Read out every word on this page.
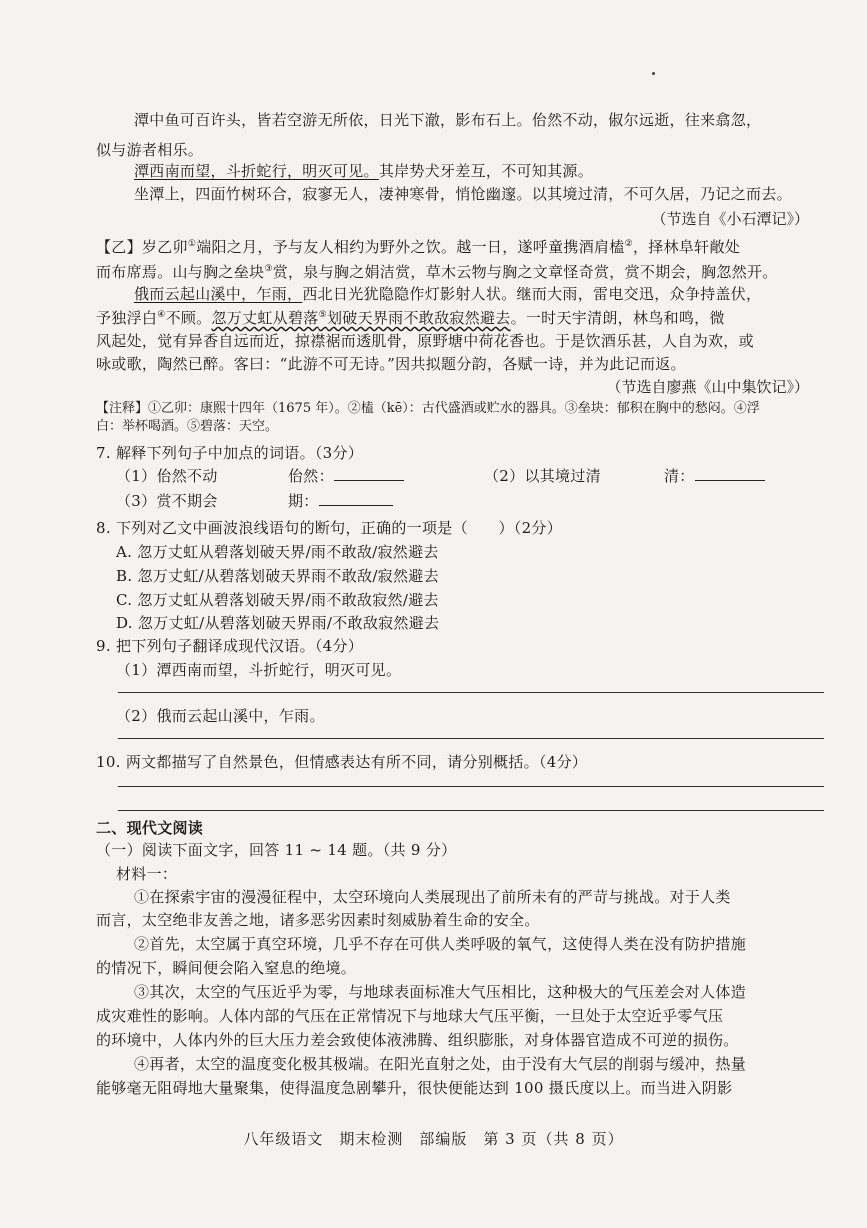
潭中鱼可百许头，皆若空游无所依，日光下澈，影布石上。佁然不动，俶尔远逝，往来翕忽，
似与游者相乐。
潭西南而望，斗折蛇行，明灭可见。其岸势犬牙差互，不可知其源。
坐潭上，四面竹树环合，寂寥无人，凄神寒骨，悄怆幽邃。以其境过清，不可久居，乃记之而去。
（节选自《小石潭记》）
【乙】岁乙卯①端阳之月，予与友人相约为野外之饮。越一日，遂呼童携酒肩榼②，择林阜轩敞处
而布席焉。山与胸之垒块③赏，泉与胸之娟洁赏，草木云物与胸之文章怪奇赏，赏不期会，胸忽然开。
俄而云起山溪中，乍雨，西北日光犹隐隐作灯影射人状。继而大雨，雷电交迅，众争持盖伏，
予独浮白④不顾。忽万丈虹从碧落⑤划破天界雨不敢敌寂然避去。一时天宇清朗，林鸟和鸣，微
风起处，觉有异香自远而近，掠襟裾而透肌骨，原野塘中荷花香也。于是饮酒乐甚，人自为欢，或
咏或歌，陶然已醉。客曰：“此游不可无诗。”因共拟题分韵，各赋一诗，并为此记而返。
（节选自廖燕《山中集饮记》）
【注释】①乙卯：康熙十四年（1675 年）。②榼（kē）：古代盛酒或贮水的器具。③垒块：郁积在胸中的愁闷。④浮
白：举杯喝酒。⑤碧落：天空。
7. 解释下列句子中加点的词语。（3分）
（1）佁然不动	佁然：	（2）以其境过清	清：
（3）赏不期会	期：
8. 下列对乙文中画波浪线语句的断句，正确的一项是（　　）（2分）
A. 忽万丈虹从碧落划破天界/雨不敢敌/寂然避去
B. 忽万丈虹/从碧落划破天界雨不敢敌/寂然避去
C. 忽万丈虹从碧落划破天界/雨不敢敌寂然/避去
D. 忽万丈虹/从碧落划破天界雨/不敢敌寂然避去
9. 把下列句子翻译成现代汉语。（4分）
（1）潭西南而望，斗折蛇行，明灭可见。
（2）俄而云起山溪中，乍雨。
10. 两文都描写了自然景色，但情感表达有所不同，请分别概括。（4分）
二、现代文阅读
（一）阅读下面文字，回答 11 ~ 14 题。（共 9 分）
材料一：
①在探索宇宙的漫漫征程中，太空环境向人类展现出了前所未有的严苛与挑战。对于人类
而言，太空绝非友善之地，诸多恶劣因素时刻威胁着生命的安全。
②首先，太空属于真空环境，几乎不存在可供人类呼吸的氧气，这使得人类在没有防护措施
的情况下，瞬间便会陷入窒息的绝境。
③其次，太空的气压近乎为零，与地球表面标准大气压相比，这种极大的气压差会对人体造
成灾难性的影响。人体内部的气压在正常情况下与地球大气压平衡，一旦处于太空近乎零气压
的环境中，人体内外的巨大压力差会致使体液沸腾、组织膨胀，对身体器官造成不可逆的损伤。
④再者，太空的温度变化极其极端。在阳光直射之处，由于没有大气层的削弱与缓冲，热量
能够毫无阻碍地大量聚集，使得温度急剧攀升，很快便能达到 100 摄氏度以上。而当进入阴影
八年级语文　期末检测　部编版　第 3 页（共 8 页）
